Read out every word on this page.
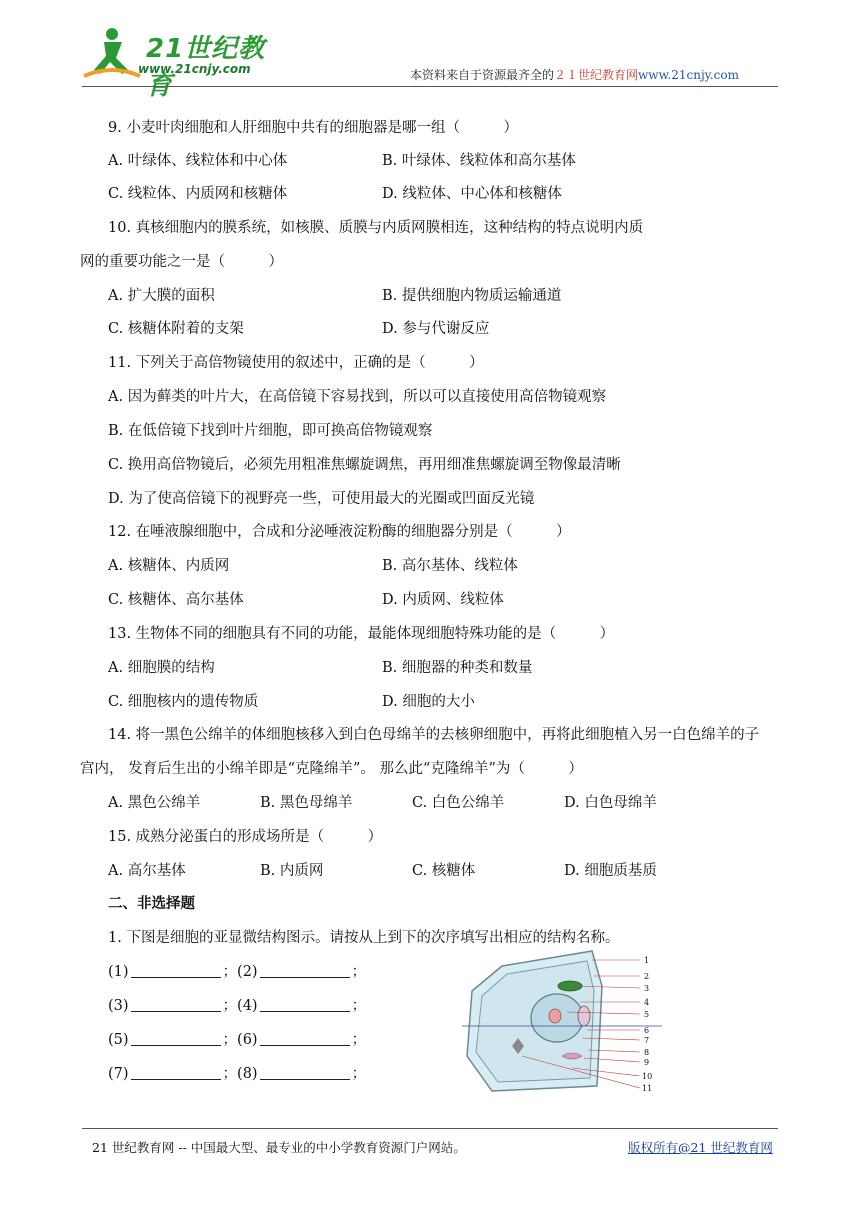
21世纪教育
www.21cnjy.com	本资料来自于资源最齐全的２１世纪教育网www.21cnjy.com
9. 小麦叶肉细胞和人肝细胞中共有的细胞器是哪一组（　　　）
A. 叶绿体、线粒体和中心体	B. 叶绿体、线粒体和高尔基体
C. 线粒体、内质网和核糖体	D. 线粒体、中心体和核糖体
10. 真核细胞内的膜系统，如核膜、质膜与内质网膜相连，这种结构的特点说明内质
网的重要功能之一是（　　　）
A. 扩大膜的面积	B. 提供细胞内物质运输通道
C. 核糖体附着的支架	D. 参与代谢反应
11. 下列关于高倍物镜使用的叙述中，正确的是（　　　）
A. 因为藓类的叶片大，在高倍镜下容易找到，所以可以直接使用高倍物镜观察
B. 在低倍镜下找到叶片细胞，即可换高倍物镜观察
C. 换用高倍物镜后，必须先用粗准焦螺旋调焦，再用细准焦螺旋调至物像最清晰
D. 为了使高倍镜下的视野亮一些，可使用最大的光圈或凹面反光镜
12. 在唾液腺细胞中，合成和分泌唾液淀粉酶的细胞器分别是（　　　）
A. 核糖体、内质网	B. 高尔基体、线粒体
C. 核糖体、高尔基体	D. 内质网、线粒体
13. 生物体不同的细胞具有不同的功能，最能体现细胞特殊功能的是（　　　）
A. 细胞膜的结构	B. 细胞器的种类和数量
C. 细胞核内的遗传物质	D. 细胞的大小
14. 将一黑色公绵羊的体细胞核移入到白色母绵羊的去核卵细胞中，再将此细胞植入另一白色绵羊的子
宫内， 发育后生出的小绵羊即是“克隆绵羊”。 那么此“克隆绵羊”为（　　　）
A. 黑色公绵羊	B. 黑色母绵羊	C. 白色公绵羊	D. 白色母绵羊
15. 成熟分泌蛋白的形成场所是（　　　）
A. 高尔基体	B. 内质网	C. 核糖体	D. 细胞质基质
二、非选择题
1. 下图是细胞的亚显微结构图示。请按从上到下的次序填写出相应的结构名称。
(1)	；(2)	；
(3)	；(4)	；
(5)	；(6)	；
(7)	；(8)	；
1
2
3
4
5
6
7
8
9
10
11
21 世纪教育网 -- 中国最大型、最专业的中小学教育资源门户网站。	版权所有@21 世纪教育网
